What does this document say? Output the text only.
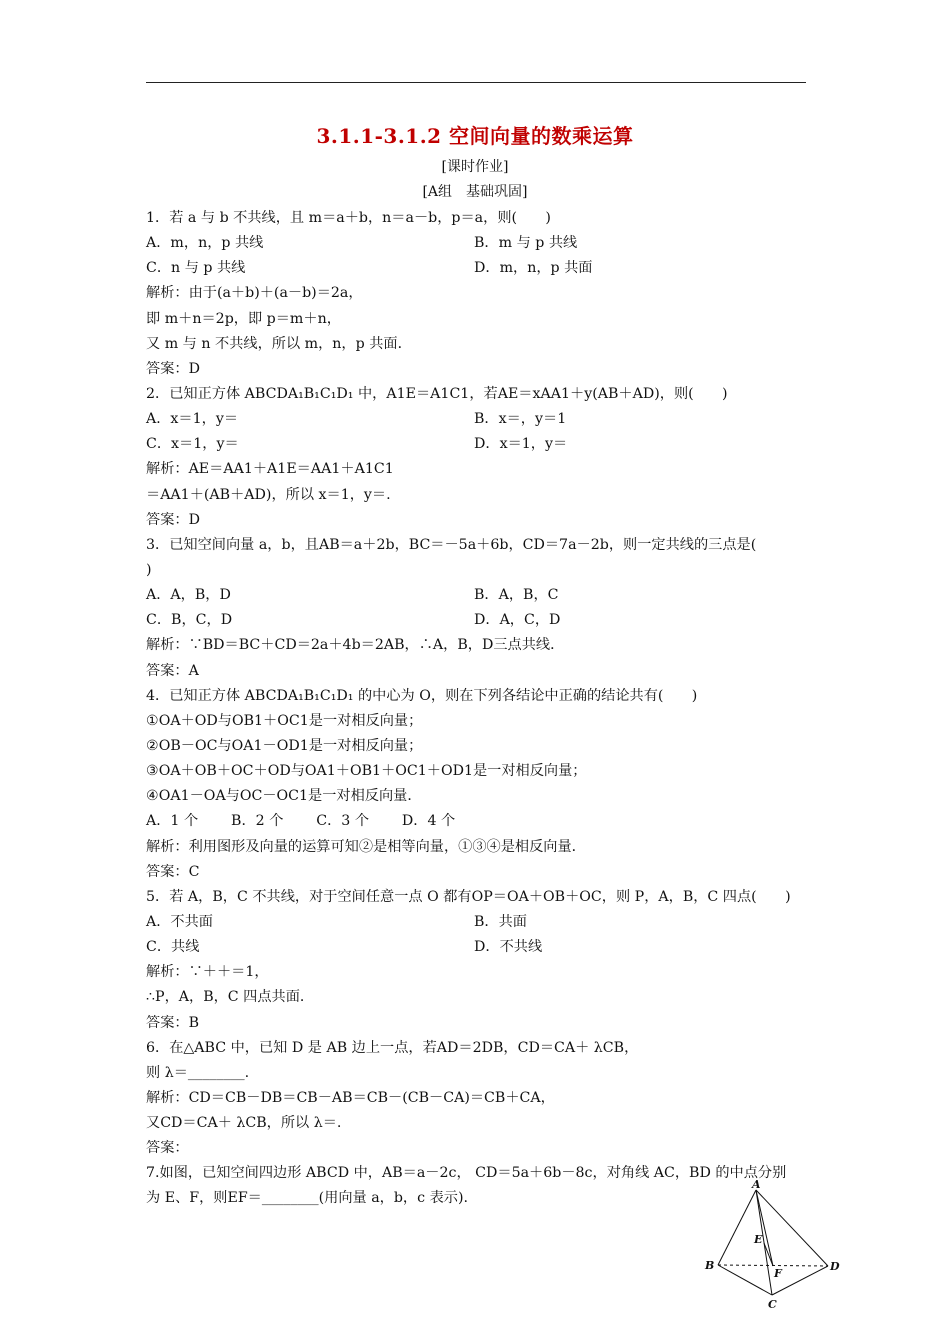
3.1.1-3.1.2 空间向量的数乘运算
[课时作业]
[A组　基础巩固]
1．若 a 与 b 不共线，且 m＝a＋b，n＝a－b，p＝a，则(　　)
A．m，n，p 共线	B．m 与 p 共线
C．n 与 p 共线	D．m，n，p 共面
解析：由于(a＋b)＋(a－b)＝2a，
即 m＋n＝2p，即 p＝m＋n，
又 m 与 n 不共线，所以 m，n，p 共面．
答案：D
2．已知正方体 ABCDA₁B₁C₁D₁ 中，A1E＝A1C1，若AE＝xAA1＋y(AB＋AD)，则(　　)
A．x＝1，y＝	B．x＝，y＝1
C．x＝1，y＝	D．x＝1，y＝
解析：AE＝AA1＋A1E＝AA1＋A1C1
＝AA1＋(AB＋AD)，所以 x＝1，y＝.
答案：D
3．已知空间向量 a，b，且AB＝a＋2b，BC＝－5a＋6b，CD＝7a－2b，则一定共线的三点是(
)
A．A，B，D	B．A，B，C
C．B，C，D	D．A，C，D
解析：∵BD＝BC＋CD＝2a＋4b＝2AB，∴A，B，D三点共线．
答案：A
4．已知正方体 ABCDA₁B₁C₁D₁ 的中心为 O，则在下列各结论中正确的结论共有(　　)
①OA＋OD与OB1＋OC1是一对相反向量；
②OB－OC与OA1－OD1是一对相反向量；
③OA＋OB＋OC＋OD与OA1＋OB1＋OC1＋OD1是一对相反向量；
④OA1－OA与OC－OC1是一对相反向量．
A．1 个　　 B．2 个　　 C．3 个　　 D．4 个
解析：利用图形及向量的运算可知②是相等向量，①③④是相反向量．
答案：C
5．若 A，B，C 不共线，对于空间任意一点 O 都有OP＝OA＋OB＋OC，则 P，A，B，C 四点(　　)
A．不共面	B．共面
C．共线	D．不共线
解析：∵＋＋＝1，
∴P，A，B，C 四点共面．
答案：B
6．在△ABC 中，已知 D 是 AB 边上一点，若AD＝2DB，CD＝CA＋ λCB，
则 λ＝________.
解析：CD＝CB－DB＝CB－AB＝CB－(CB－CA)＝CB＋CA，
又CD＝CA＋ λCB，所以 λ＝.
答案：
7.如图，已知空间四边形 ABCD 中，AB＝a－2c， CD＝5a＋6b－8c，对角线 AC，BD 的中点分别
为 E、F，则EF＝________(用向量 a，b，c 表示).
A
B
C
D
E
F
